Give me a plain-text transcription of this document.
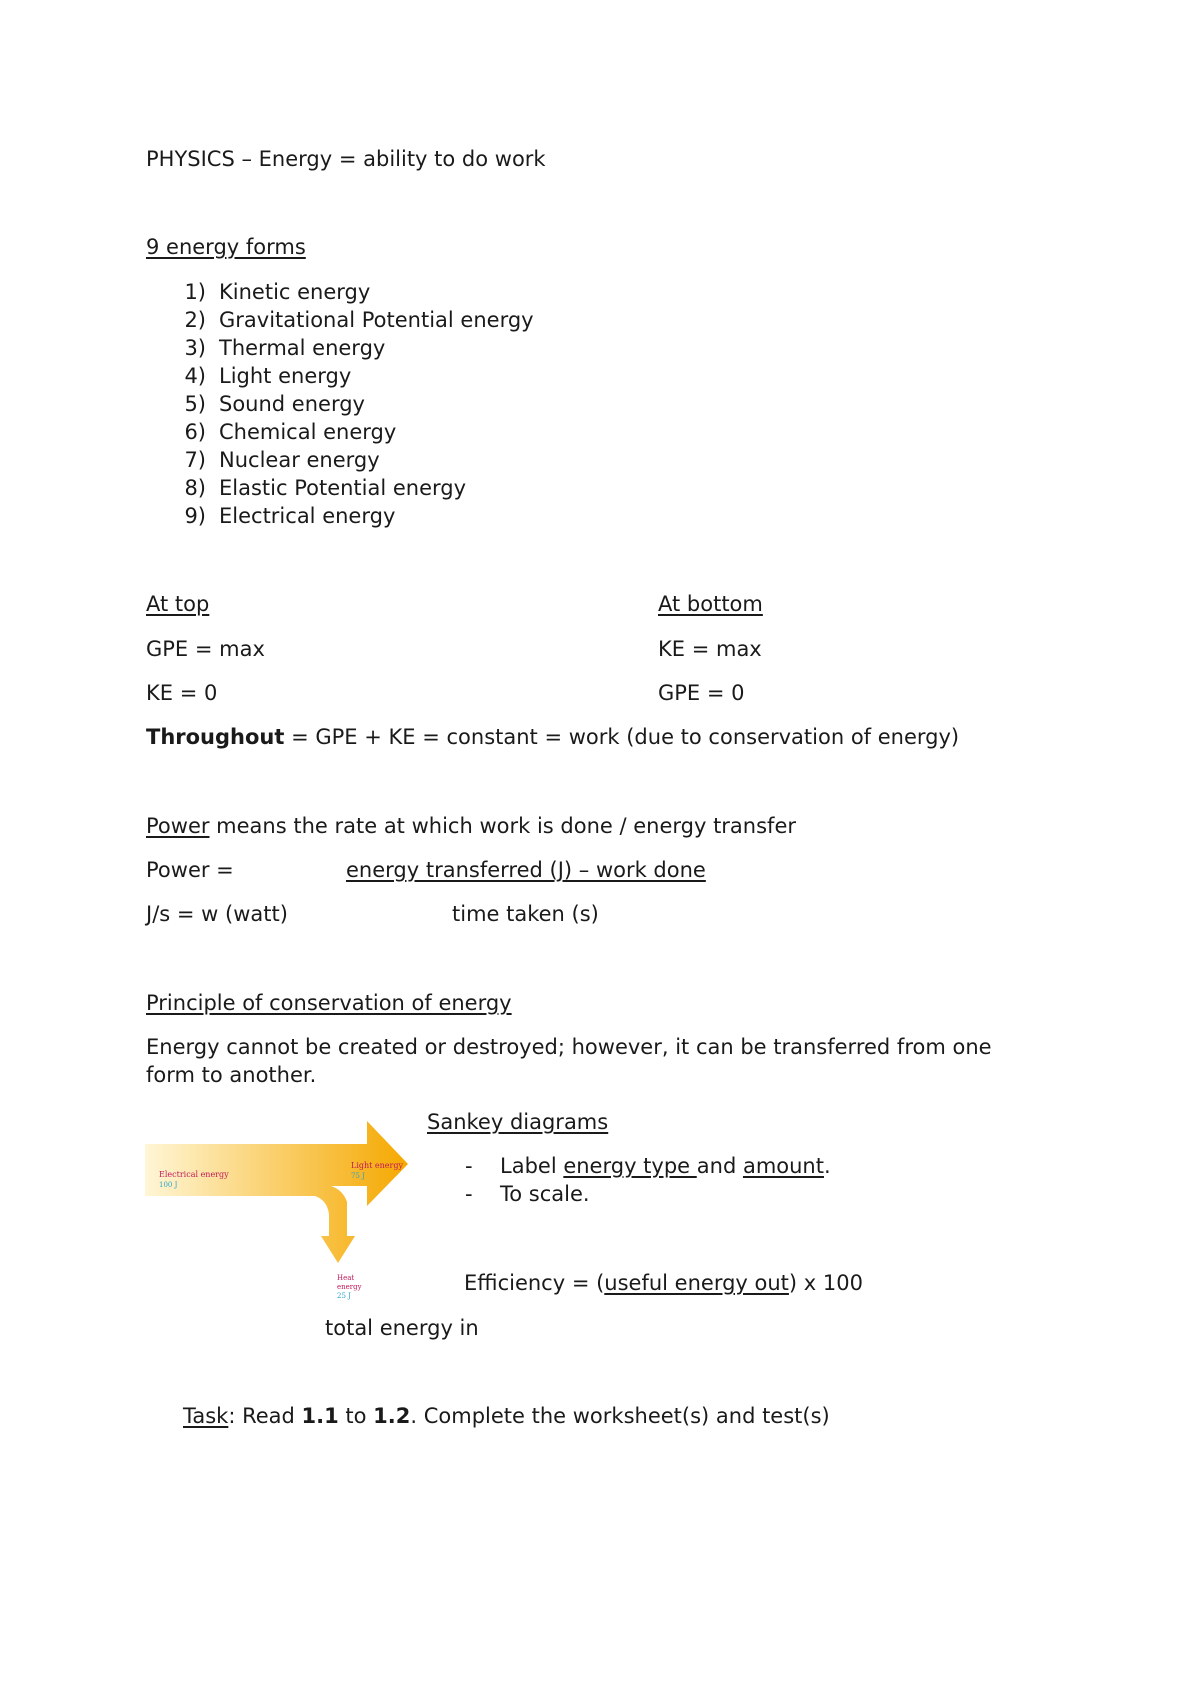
PHYSICS – Energy = ability to do work
9 energy forms
1) Kinetic energy
2) Gravitational Potential energy
3) Thermal energy
4) Light energy
5) Sound energy
6) Chemical energy
7) Nuclear energy
8) Elastic Potential energy
9) Electrical energy
At top
GPE = max
KE = 0
At bottom
KE = max
GPE = 0
Throughout = GPE + KE = constant = work (due to conservation of energy)
Power means the rate at which work is done / energy transfer
Power =	energy transferred (J) – work done
J/s = w (watt)	time taken (s)
Principle of conservation of energy
Energy cannot be created or destroyed; however, it can be transferred from one
form to another.
Electrical energy
100 J
Light energy
75 J
Heat
energy
25 J
Sankey diagrams
- Label energy type and amount.
- To scale.
Efficiency = (useful energy out) x 100
total energy in
Task: Read 1.1 to 1.2. Complete the worksheet(s) and test(s)
